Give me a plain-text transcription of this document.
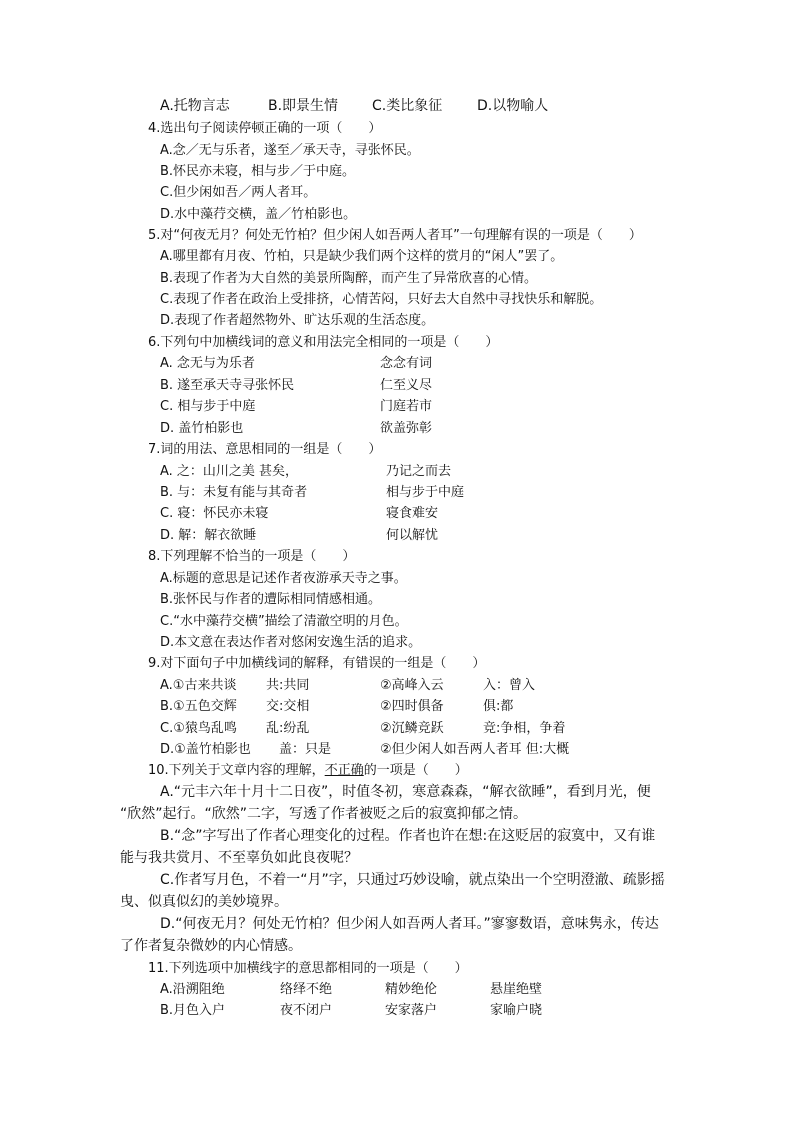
A.托物言志	B.即景生情 C.类比象征 D.以物喻人
4.选出句子阅读停顿正确的一项（　　）
A.念／无与乐者，遂至／承天寺，寻张怀民。
B.怀民亦未寝，相与步／于中庭。
C.但少闲如吾／两人者耳。
D.水中藻荇交横，盖／竹柏影也。
5.对“何夜无月？何处无竹柏？但少闲人如吾两人者耳”一句理解有误的一项是（　　）
A.哪里都有月夜、竹柏，只是缺少我们两个这样的赏月的“闲人”罢了。
B.表现了作者为大自然的美景所陶醉，而产生了异常欣喜的心情。
C.表现了作者在政治上受排挤，心情苦闷，只好去大自然中寻找快乐和解脱。
D.表现了作者超然物外、旷达乐观的生活态度。
6.下列句中加横线词的意义和用法完全相同的一项是（　　）
A. 念无与为乐者	念念有词
B. 遂至承天寺寻张怀民	仁至义尽
C. 相与步于中庭	门庭若市
D. 盖竹柏影也	欲盖弥彰
7.词的用法、意思相同的一组是（　　）
A. 之：山川之美 甚矣，	乃记之而去
B. 与：未复有能与其奇者	相与步于中庭
C. 寝：怀民亦未寝	寝食难安
D. 解：解衣欲睡	何以解忧
8.下列理解不恰当的一项是（　　）
A.标题的意思是记述作者夜游承天寺之事。
B.张怀民与作者的遭际相同情感相通。
C.“水中藻荇交横”描绘了清澈空明的月色。
D.本文意在表达作者对悠闲安逸生活的追求。
9.对下面句子中加横线词的解释，有错误的一组是（　　）
A.①古来共谈 共:共同	②高峰入云	入：曾入
B.①五色交辉 交:交相	②四时俱备	俱:都
C.①猿鸟乱鸣 乱:纷乱	②沉鳞竞跃	竞:争相，争着
D.①盖竹柏影也 盖：只是	②但少闲人如吾两人者耳 但:大概
10.下列关于文章内容的理解，不正确的一项是（　　）
A.“元丰六年十月十二日夜”，时值冬初，寒意森森，“解衣欲睡”，看到月光，便
“欣然”起行。“欣然”二字，写透了作者被贬之后的寂寞抑郁之情。
B.“念”字写出了作者心理变化的过程。作者也许在想:在这贬居的寂寞中，又有谁
能与我共赏月、不至辜负如此良夜呢？
C.作者写月色，不着一“月”字，只通过巧妙设喻，就点染出一个空明澄澈、疏影摇
曳、似真似幻的美妙境界。
D.“何夜无月？何处无竹柏？但少闲人如吾两人者耳。”寥寥数语，意味隽永，传达
了作者复杂微妙的内心情感。
11.下列选项中加横线字的意思都相同的一项是（　　）
A.沿溯阻绝	络绎不绝	精妙绝伦	悬崖绝壁
B.月色入户	夜不闭户	安家落户	家喻户晓
